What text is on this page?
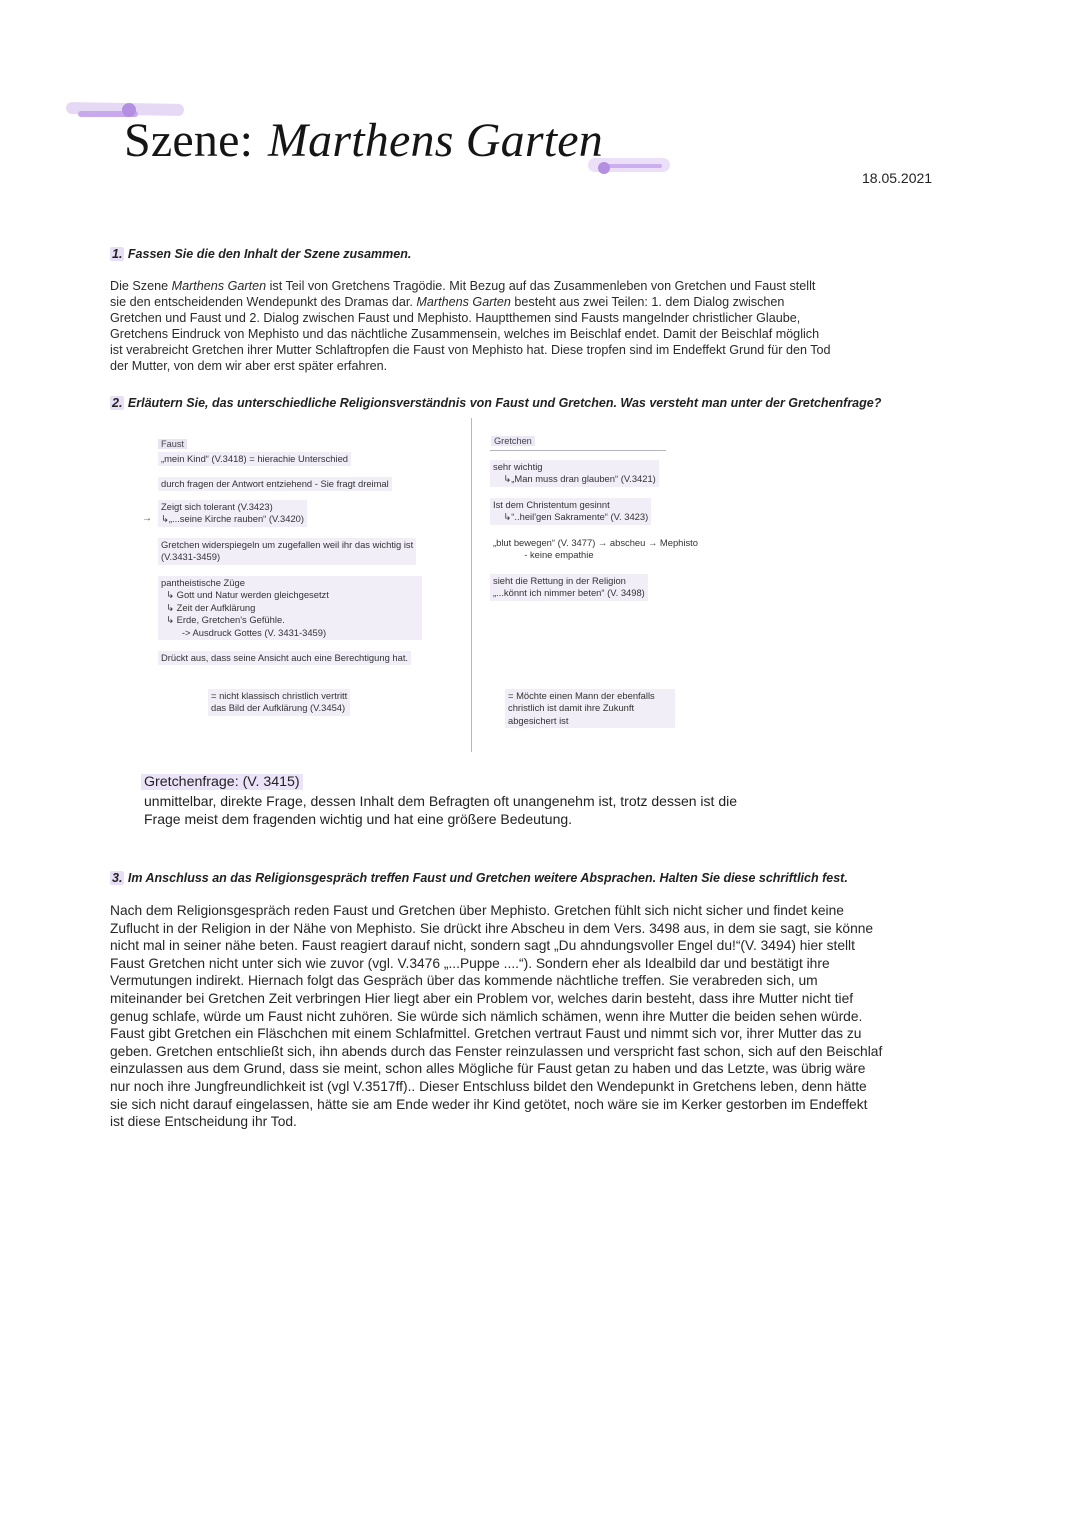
Szene: Marthens Garten
18.05.2021
1. Fassen Sie die den Inhalt der Szene zusammen.
Die Szene Marthens Garten ist Teil von Gretchens Tragödie. Mit Bezug auf das Zusammenleben von Gretchen und Faust stellt
sie den entscheidenden Wendepunkt des Dramas dar. Marthens Garten besteht aus zwei Teilen: 1. dem Dialog zwischen
Gretchen und Faust und 2. Dialog zwischen Faust und Mephisto. Hauptthemen sind Fausts mangelnder christlicher Glaube,
Gretchens Eindruck von Mephisto und das nächtliche Zusammensein, welches im Beischlaf endet. Damit der Beischlaf möglich
ist verabreicht Gretchen ihrer Mutter Schlaftropfen die Faust von Mephisto hat. Diese tropfen sind im Endeffekt Grund für den Tod
der Mutter, von dem wir aber erst später erfahren.
2. Erläutern Sie, das unterschiedliche Religionsverständnis von Faust und Gretchen. Was versteht man unter der Gretchenfrage?
Faust	Gretchen
„mein Kind“ (V.3418) = hierachie Unterschied
durch fragen der Antwort entziehend - Sie fragt dreimal
→
Zeigt sich tolerant (V.3423)
↳„...seine Kirche rauben“ (V.3420)
Gretchen widerspiegeln um zugefallen weil ihr das wichtig ist
(V.3431-3459)
pantheistische Züge
↳ Gott und Natur werden gleichgesetzt
↳ Zeit der Aufklärung
↳ Erde, Gretchen's Gefühle.
-> Ausdruck Gottes (V. 3431-3459)
Drückt aus, dass seine Ansicht auch eine Berechtigung hat.
= nicht klassisch christlich vertritt
das Bild der Aufklärung (V.3454)
sehr wichtig
↳„Man muss dran glauben“ (V.3421)
Ist dem Christentum gesinnt
↳“..heil'gen Sakramente“ (V. 3423)
„blut bewegen“ (V. 3477) → abscheu → Mephisto
- keine empathie
sieht die Rettung in der Religion
„...könnt ich nimmer beten“ (V. 3498)
= Möchte einen Mann der ebenfalls
christlich ist damit ihre Zukunft
abgesichert ist
Gretchenfrage: (V. 3415)
unmittelbar, direkte Frage, dessen Inhalt dem Befragten oft unangenehm ist, trotz dessen ist die
Frage meist dem fragenden wichtig und hat eine größere Bedeutung.
3. Im Anschluss an das Religionsgespräch treffen Faust und Gretchen weitere Absprachen. Halten Sie diese schriftlich fest.
Nach dem Religionsgespräch reden Faust und Gretchen über Mephisto. Gretchen fühlt sich nicht sicher und findet keine
Zuflucht in der Religion in der Nähe von Mephisto. Sie drückt ihre Abscheu in dem Vers. 3498 aus, in dem sie sagt, sie könne
nicht mal in seiner nähe beten. Faust reagiert darauf nicht, sondern sagt „Du ahndungsvoller Engel du!“(V. 3494) hier stellt
Faust Gretchen nicht unter sich wie zuvor (vgl. V.3476 „...Puppe ....“). Sondern eher als Idealbild dar und bestätigt ihre
Vermutungen indirekt. Hiernach folgt das Gespräch über das kommende nächtliche treffen. Sie verabreden sich, um
miteinander bei Gretchen Zeit verbringen Hier liegt aber ein Problem vor, welches darin besteht, dass ihre Mutter nicht tief
genug schlafe, würde um Faust nicht zuhören. Sie würde sich nämlich schämen, wenn ihre Mutter die beiden sehen würde.
Faust gibt Gretchen ein Fläschchen mit einem Schlafmittel. Gretchen vertraut Faust und nimmt sich vor, ihrer Mutter das zu
geben. Gretchen entschließt sich, ihn abends durch das Fenster reinzulassen und verspricht fast schon, sich auf den Beischlaf
einzulassen aus dem Grund, dass sie meint, schon alles Mögliche für Faust getan zu haben und das Letzte, was übrig wäre
nur noch ihre Jungfreundlichkeit ist (vgl V.3517ff).. Dieser Entschluss bildet den Wendepunkt in Gretchens leben, denn hätte
sie sich nicht darauf eingelassen, hätte sie am Ende weder ihr Kind getötet, noch wäre sie im Kerker gestorben im Endeffekt
ist diese Entscheidung ihr Tod.
